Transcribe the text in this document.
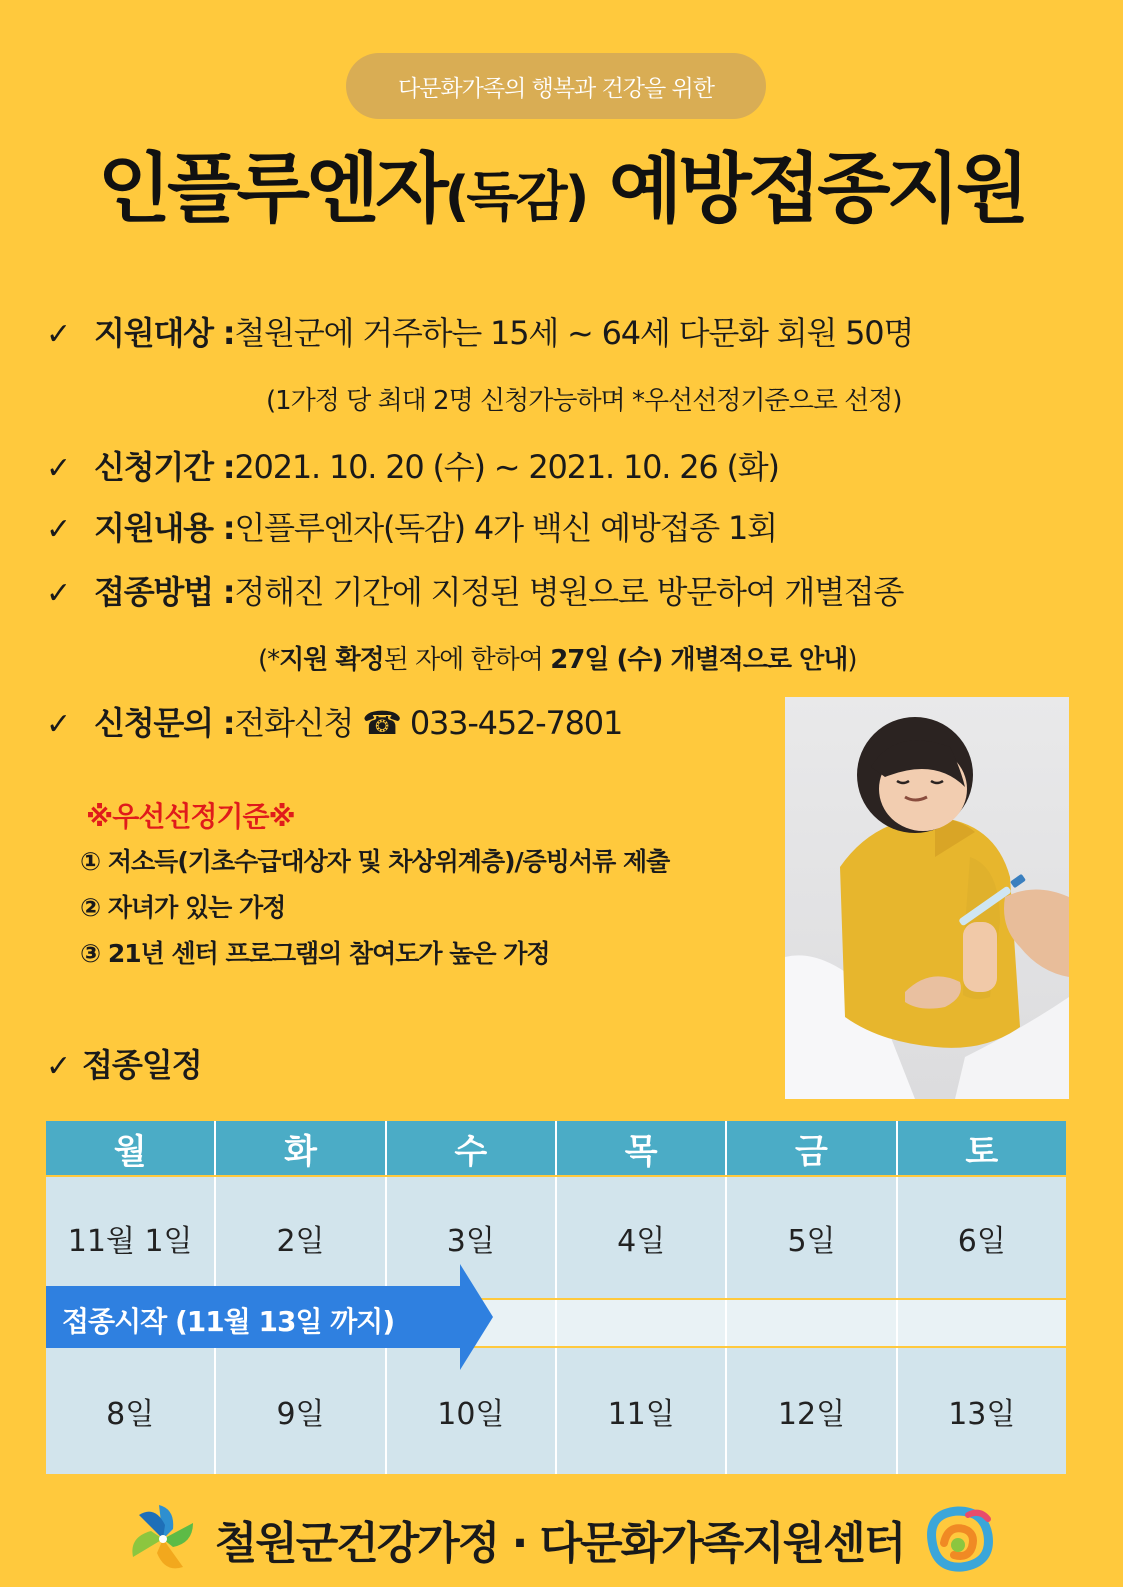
다문화가족의 행복과 건강을 위한
인플루엔자(독감) 예방접종지원
✓ 지원대상 : 철원군에 거주하는 15세 ~ 64세 다문화 회원 50명
(1가정 당 최대 2명 신청가능하며 *우선선정기준으로 선정)
✓ 신청기간 : 2021. 10. 20 (수) ~ 2021. 10. 26 (화)
✓ 지원내용 : 인플루엔자(독감) 4가 백신 예방접종 1회
✓ 접종방법 : 정해진 기간에 지정된 병원으로 방문하여 개별접종
(*지원 확정된 자에 한하여 27일 (수) 개별적으로 안내)
✓ 신청문의 : 전화신청 ☎ 033-452-7801
※우선선정기준※
① 저소득(기초수급대상자 및 차상위계층)/증빙서류 제출
② 자녀가 있는 가정
③ 21년 센터 프로그램의 참여도가 높은 가정
✓ 접종일정
월	화	수	목	금	토
11월 1일	2일	3일	4일	5일	6일
8일	9일	10일	11일	12일	13일
접종시작 (11월 13일 까지)
철원군건강가정 · 다문화가족지원센터
